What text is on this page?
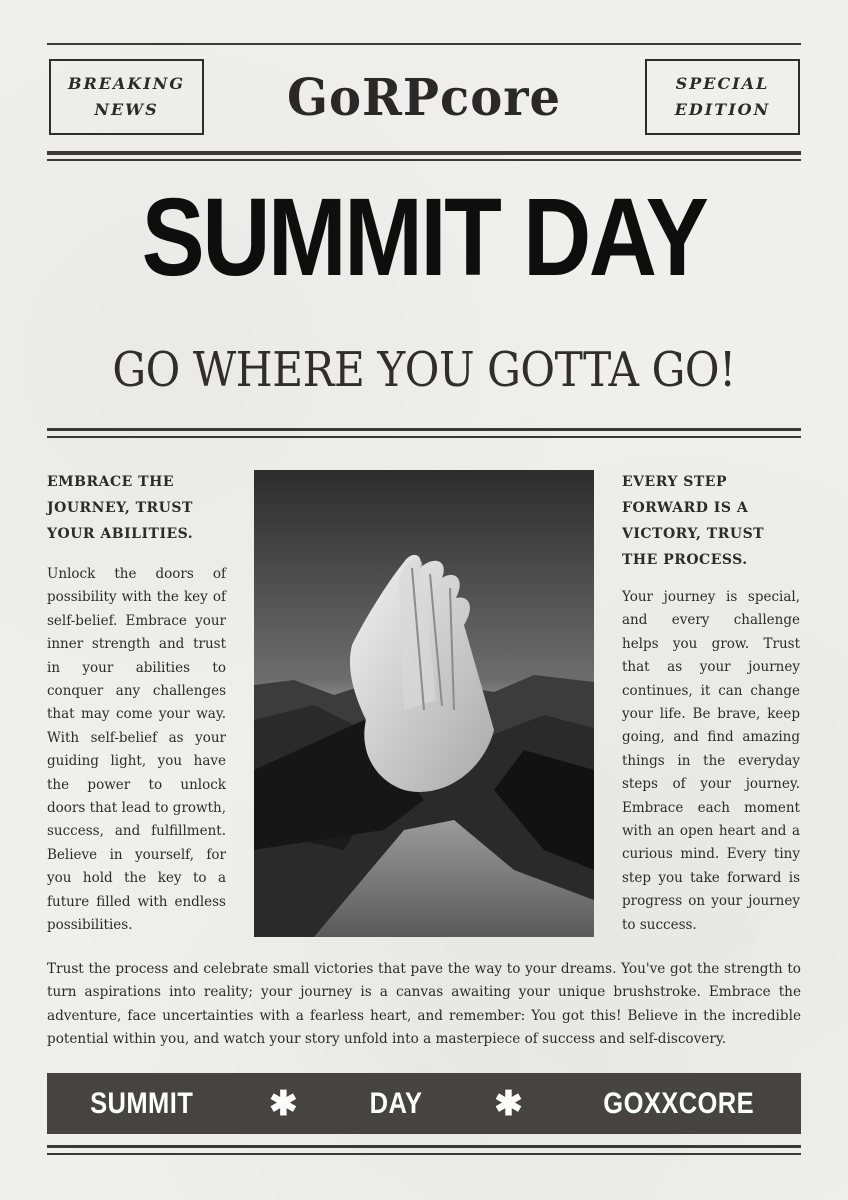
BREAKING
NEWS	GoRPcore	SPECIAL
EDITION
SUMMIT DAY
GO WHERE YOU GOTTA GO!
EMBRACE THE JOURNEY, TRUST YOUR ABILITIES.
Unlock the doors of possibility with the key of self-belief. Embrace your inner strength and trust in your abilities to conquer any challenges that may come your way. With self-belief as your guiding light, you have the power to unlock doors that lead to growth, success, and fulfillment. Believe in yourself, for you hold the key to a future filled with endless possibilities.
EVERY STEP FORWARD IS A VICTORY, TRUST THE PROCESS.
Your journey is special, and every challenge helps you grow. Trust that as your journey continues, it can change your life. Be brave, keep going, and find amazing things in the everyday steps of your journey. Embrace each moment with an open heart and a curious mind. Every tiny step you take forward is progress on your journey to success.
Trust the process and celebrate small victories that pave the way to your dreams. You've got the strength to turn aspirations into reality; your journey is a canvas awaiting your unique brushstroke. Embrace the adventure, face uncertainties with a fearless heart, and remember: You got this! Believe in the incredible potential within you, and watch your story unfold into a masterpiece of success and self-discovery.
SUMMIT ✱ DAY ✱	GOXXCORE
